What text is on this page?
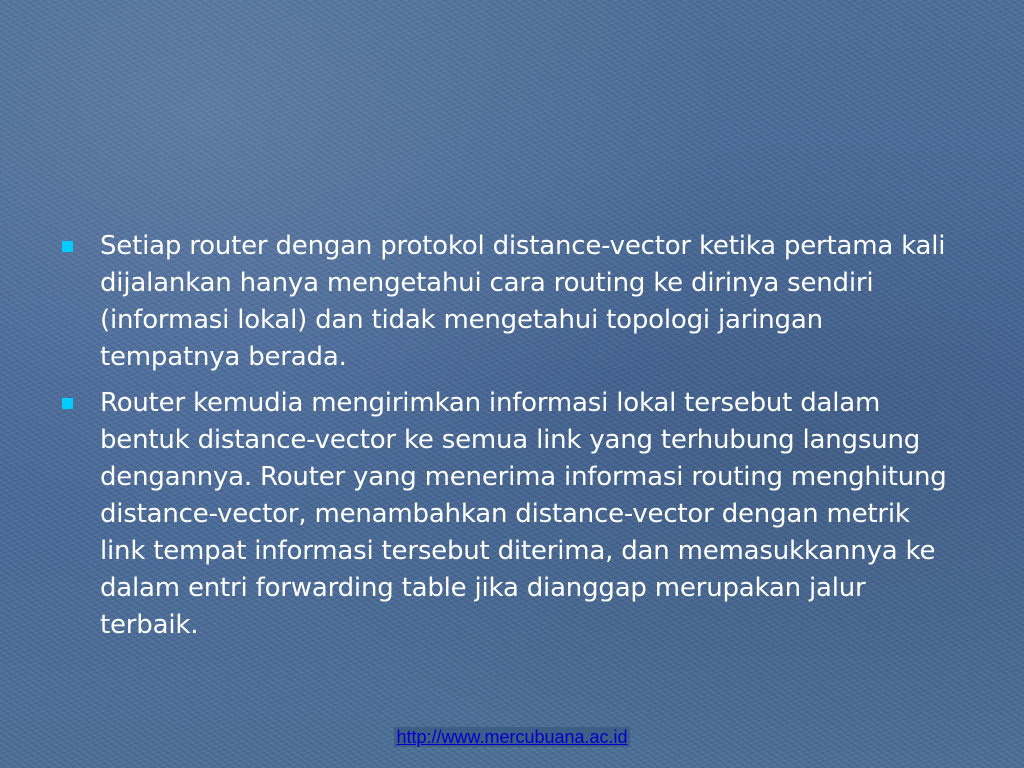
Setiap router dengan protokol distance-vector ketika pertama kali dijalankan hanya mengetahui cara routing ke dirinya sendiri (informasi lokal) dan tidak mengetahui topologi jaringan tempatnya berada.
Router kemudia mengirimkan informasi lokal tersebut dalam bentuk distance-vector ke semua link yang terhubung langsung dengannya. Router yang menerima informasi routing menghitung distance-vector, menambahkan distance-vector dengan metrik link tempat informasi tersebut diterima, dan memasukkannya ke dalam entri forwarding table jika dianggap merupakan jalur terbaik.
http://www.mercubuana.ac.id
